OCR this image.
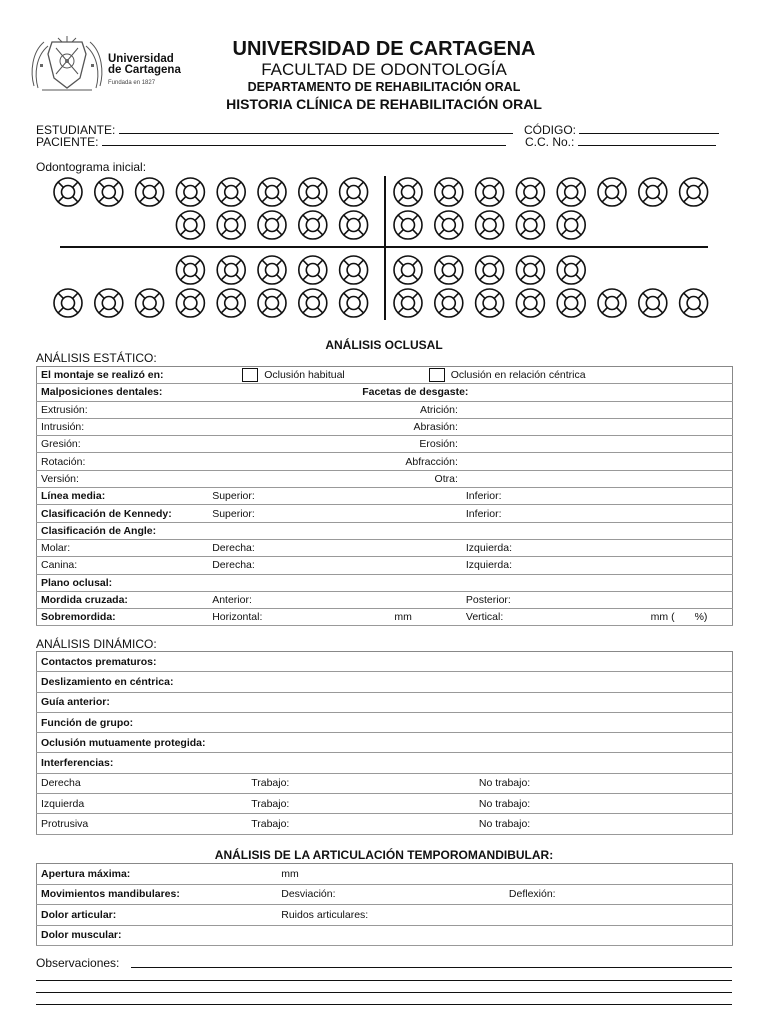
Universidad
de Cartagena
Fundada en 1827
UNIVERSIDAD DE CARTAGENA
FACULTAD DE ODONTOLOGÍA
DEPARTAMENTO DE REHABILITACIÓN ORAL
HISTORIA CLÍNICA DE REHABILITACIÓN ORAL
ESTUDIANTE:	CÓDIGO:
PACIENTE:	C.C. No.:
Odontograma inicial:
ANÁLISIS OCLUSAL
ANÁLISIS ESTÁTICO:
El montaje se realizó en:	Oclusión habitual Oclusión en relación céntrica		
Malposiciones dentales:	Facetas de desgaste:		
Extrusión:	Atrición:		
Intrusión:	Abrasión:		
Gresión:	Erosión:		
Rotación:	Abfracción:		
Versión:	Otra:		
Línea media:	Superior:	Inferior:	
Clasificación de Kennedy:	Superior:	Inferior:	
Clasificación de Angle:			
Molar:	Derecha:	Izquierda:	
Canina:	Derecha:	Izquierda:	
Plano oclusal:			
Mordida cruzada:	Anterior:	Posterior:	
Sobremordida:	Horizontal: mm	Vertical:	mm ( %)
ANÁLISIS DINÁMICO:
Contactos prematuros:		
Deslizamiento en céntrica:		
Guía anterior:		
Función de grupo:		
Oclusión mutuamente protegida:		
Interferencias:		
Derecha	Trabajo:	No trabajo:
Izquierda	Trabajo:	No trabajo:
Protrusiva	Trabajo:	No trabajo:
ANÁLISIS DE LA ARTICULACIÓN TEMPOROMANDIBULAR:
Apertura máxima:	mm	
Movimientos mandibulares:	Desviación:	Deflexión:
Dolor articular:	Ruidos articulares:	
Dolor muscular:		
Observaciones:
